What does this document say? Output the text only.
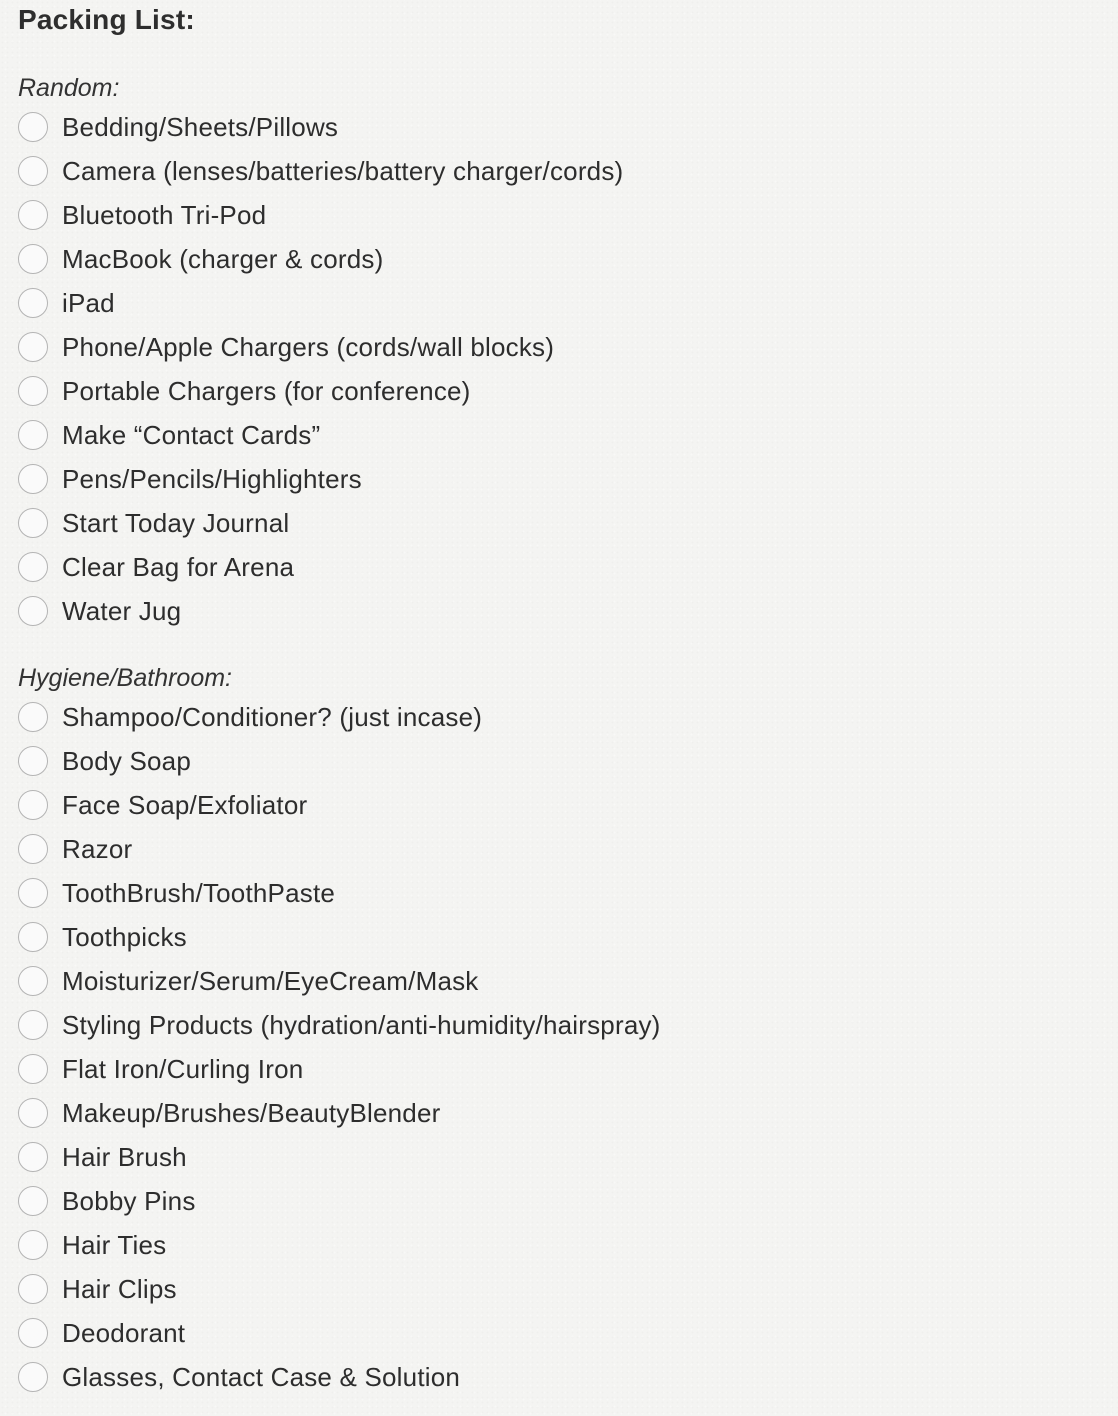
Packing List:
Random:
Bedding/Sheets/Pillows
Camera (lenses/batteries/battery charger/cords)
Bluetooth Tri-Pod
MacBook (charger & cords)
iPad
Phone/Apple Chargers (cords/wall blocks)
Portable Chargers (for conference)
Make “Contact Cards”
Pens/Pencils/Highlighters
Start Today Journal
Clear Bag for Arena
Water Jug
Hygiene/Bathroom:
Shampoo/Conditioner? (just incase)
Body Soap
Face Soap/Exfoliator
Razor
ToothBrush/ToothPaste
Toothpicks
Moisturizer/Serum/EyeCream/Mask
Styling Products (hydration/anti-humidity/hairspray)
Flat Iron/Curling Iron
Makeup/Brushes/BeautyBlender
Hair Brush
Bobby Pins
Hair Ties
Hair Clips
Deodorant
Glasses, Contact Case & Solution
